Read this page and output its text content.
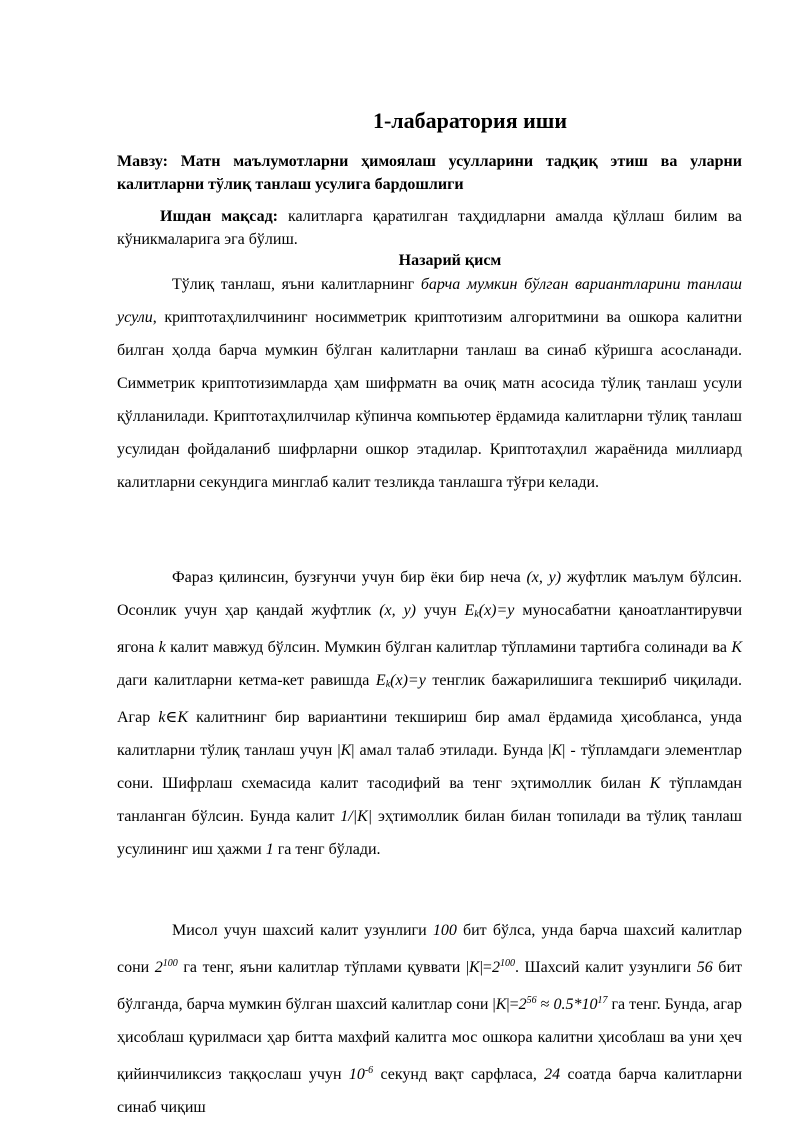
1-лабаратория иши
Мавзу: Матн маълумотларни ҳимоялаш усулларини тадқиқ этиш ва уларни калитларни тўлиқ танлаш усулига бардошлиги
Ишдан мақсад: калитларга қаратилган таҳдидларни амалда қўллаш билим ва кўникмаларига эга бўлиш.
Назарий қисм
Тўлиқ танлаш, яъни калитларнинг барча мумкин бўлган вариантларини танлаш усули, криптотаҳлилчининг носимметрик криптотизим алгоритмини ва ошкора калитни билган ҳолда барча мумкин бўлган калитларни танлаш ва синаб кўришга асосланади. Симметрик криптотизимларда ҳам шифрматн ва очиқ матн асосида тўлиқ танлаш усули қўлланилади. Криптотаҳлилчилар кўпинча компьютер ёрдамида калитларни тўлиқ танлаш усулидан фойдаланиб шифрларни ошкор этадилар. Криптотаҳлил жараёнида миллиард калитларни секундига минглаб калит тезликда танлашга тўғри келади.
Фараз қилинсин, бузғунчи учун бир ёки бир неча (x, y) жуфтлик маълум бўлсин. Осонлик учун ҳар қандай жуфтлик (x, y) учун $E_k(x)=y$ муносабатни қаноатлантирувчи ягона k калит мавжуд бўлсин. Мумкин бўлган калитлар тўпламини тартибга солинади ва K даги калитларни кетма-кет равишда $E_k(x)=y$ тенглик бажарилишига текшириб чиқилади. Агар k∈K калитнинг бир вариантини текшириш бир амал ёрдамида ҳисобланса, унда калитларни тўлиқ танлаш учун |K| амал талаб этилади. Бунда |K| - тўпламдаги элементлар сони. Шифрлаш схемасида калит тасодифий ва тенг эҳтимоллик билан K тўпламдан танланган бўлсин. Бунда калит 1/|K| эҳтимоллик билан билан топилади ва тўлиқ танлаш усулининг иш ҳажми 1 га тенг бўлади.
Мисол учун шахсий калит узунлиги 100 бит бўлса, унда барча шахсий калитлар сони $2^{100}$ га тенг, яъни калитлар тўплами қуввати $|K|=2^{100}$. Шахсий калит узунлиги 56 бит бўлганда, барча мумкин бўлган шахсий калитлар сони $|K|=2^{56} \approx 0.5*10^{17}$ га тенг. Бунда, агар ҳисоблаш қурилмаси ҳар битта махфий калитга мос ошкора калитни ҳисоблаш ва уни ҳеч қийинчиликсиз таққослаш учун $10^{-6}$ секунд вақт сарфласа, 24 соатда барча калитларни синаб чиқиш
